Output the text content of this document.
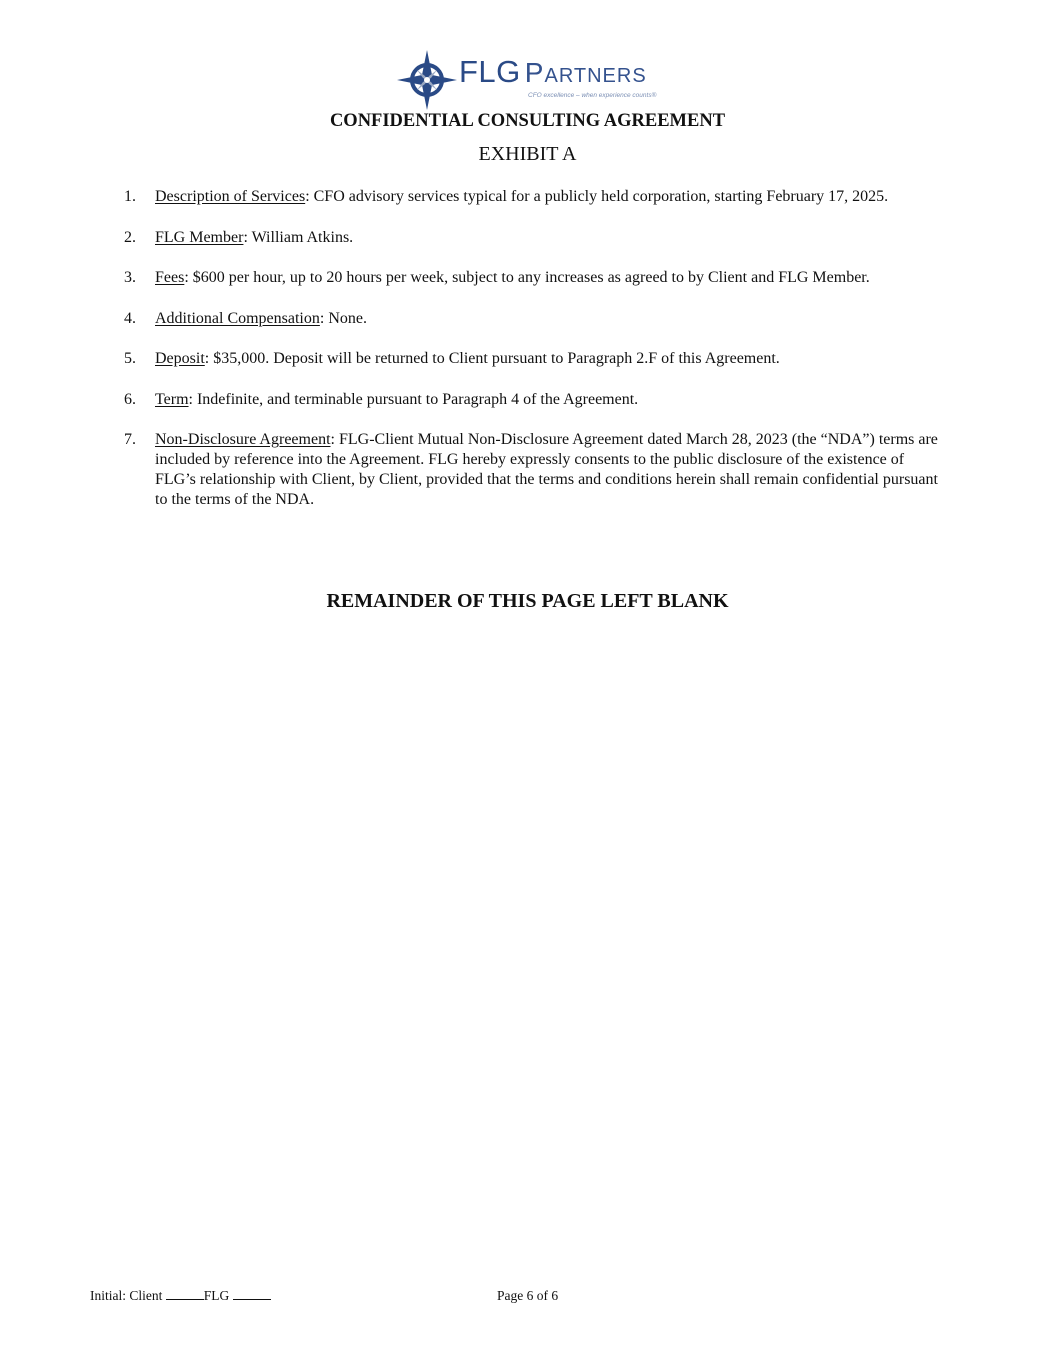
FLG Partners
CFO excellence – when experience counts®
CONFIDENTIAL CONSULTING AGREEMENT
EXHIBIT A
1. Description of Services: CFO advisory services typical for a publicly held corporation, starting February 17, 2025.
2. FLG Member: William Atkins.
3. Fees: $600 per hour, up to 20 hours per week, subject to any increases as agreed to by Client and FLG Member.
4. Additional Compensation: None.
5. Deposit: $35,000. Deposit will be returned to Client pursuant to Paragraph 2.F of this Agreement.
6. Term: Indefinite, and terminable pursuant to Paragraph 4 of the Agreement.
7. Non-Disclosure Agreement: FLG-Client Mutual Non-Disclosure Agreement dated March 28, 2023 (the “NDA”) terms are included by reference into the Agreement. FLG hereby expressly consents to the public disclosure of the existence of FLG’s relationship with Client, by Client, provided that the terms and conditions herein shall remain confidential pursuant to the terms of the NDA.
REMAINDER OF THIS PAGE LEFT BLANK
Initial: Client	FLG	Page 6 of 6
